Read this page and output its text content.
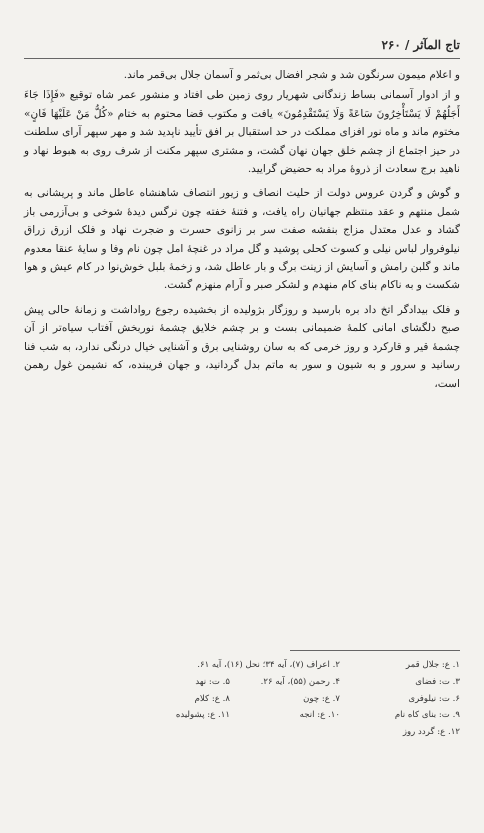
تاج المآثر / ۲۶۰

و اعلام میمون سرنگون شد و شجر افضال بی‌ثمر و آسمان جلال بی‌قمر ماند.

و از ادوار آسمانی بساط زندگانی شهریار روی زمین طی افتاد و منشور عمر شاه توقیع «فَإِذَا جَاءَ أَجَلُهُمْ لَا يَسْتَأْخِرُونَ سَاعَةً وَلَا يَسْتَقْدِمُونَ» یافت و مکتوب قضا محتوم به ختام «كُلُّ مَنْ عَلَيْهَا فَانٍ» مختوم ماند و ماه نور افزای مملکت در حد استقبال بر افق تأیید ناپدید شد و مهر سپهر آرای سلطنت در حیز اجتماع از چشم خلق جهان نهان گشت، و مشتری سپهر مکنت از شرف روی به هبوط نهاد و ناهید برج سعادت از ذروهٔ مراد به حضیض گرایید.

و گوش و گردن عروس دولت از حلیت انصاف و زیور انتصاف شاهنشاه عاطل ماند و پریشانی به شمل منتهم و عقد منتظم جهانیان راه یافت، و فتنهٔ خفته چون نرگس دیدهٔ شوخی و بی‌آزرمی باز گشاد و عدل معتدل مزاج بنفشه صفت سر بر زانوی حسرت و ضجرت نهاد و فلک ازرق زراق نیلوفروار لباس نیلی و کسوت کحلی پوشید و گل مراد در غنچهٔ امل چون نام وفا و سایهٔ عنقا معدوم ماند و گلبن رامش و آسایش از زینت برگ و بار عاطل شد، و زخمهٔ بلبل خوش‌نوا در کام عیش و هوا شکست و به ناکام بنای کام منهدم و لشکر صبر و آرام منهزم گشت.

و فلک بیدادگر اتخ داد بره بارسید و روزگار بژولیده از بخشیده رجوع رواداشت و زمانهٔ حالی پیش صبح دلگشای امانی کلمهٔ ضمیمانی بست و بر چشم خلایق چشمهٔ نوربخش آفتاب سیاه‌تر از آن چشمهٔ قیر و قارکرد و روز خرمی که به سان روشنایی برق و آشنایی خیال درنگی ندارد، به شب فنا رسانید و سرور و به شیون و سور به ماتم بدل گردانید، و جهان فریبنده، که نشیمن غول رهمن است،

۱. ع: جلال قمر
۲. اعراف (۷)، آیه ۳۴؛ نحل (۱۶)، آیه ۶۱.
۳. ت: فضای
۴. رحمن (۵۵)، آیه ۲۶.
۵. ت: نهد
۶. ت: نیلوفری
۷. ع: چون
۸. ع: کلام
۹. ت: بنای کاه نام
۱۰. ع: انجه
۱۱. ع: پشولیده
۱۲. ع: گردد روز
